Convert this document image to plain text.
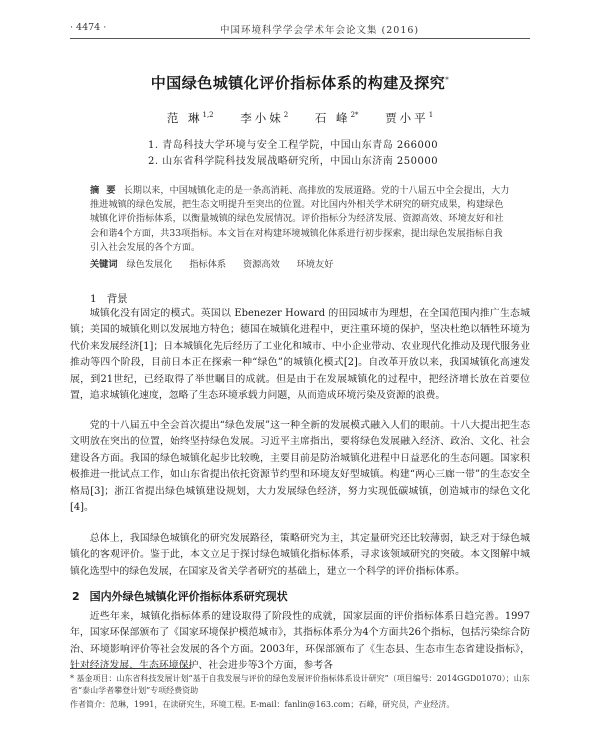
· 4474 ·	中国环境科学学会学术年会论文集 (2016)
中国绿色城镇化评价指标体系的构建及探究*
范 琳$^{1,2}$ 李小妹$^2$ 石 峰$^{2*}$ 贾小平$^1$
1. 青岛科技大学环境与安全工程学院，中国山东青岛 266000
2. 山东省科学院科技发展战略研究所，中国山东济南 250000
摘 要 长期以来，中国城镇化走的是一条高消耗、高排放的发展道路。党的十八届五中全会提出，大力推进城镇的绿色发展，把生态文明提升至突出的位置。对比国内外相关学术研究的研究成果，构建绿色城镇化评价指标体系，以衡量城镇的绿色发展情况。评价指标分为经济发展、资源高效、环境友好和社会和谐4个方面，共33项指标。本文旨在对构建环境城镇化体系进行初步探索，提出绿色发展指标自我引入社会发展的各个方面。
关键词 绿色发展化 指标体系 资源高效 环境友好
1 背景

城镇化没有固定的模式。英国以 Ebenezer Howard 的田园城市为理想，在全国范围内推广生态城镇；美国的城镇化则以发展地方特色；德国在城镇化进程中，更注重环境的保护，坚决杜绝以牺牲环境为代价来发展经济[1]；日本城镇化先后经历了工业化和城市、中小企业带动、农业现代化推动及现代服务业推动等四个阶段，目前日本正在探索一种“绿色”的城镇化模式[2]。自改革开放以来，我国城镇化高速发展，到21世纪，已经取得了举世瞩目的成就。但是由于在发展城镇化的过程中，把经济增长放在首要位置，追求城镇化速度，忽略了生态环境承载力问题，从而造成环境污染及资源的浪费。

党的十八届五中全会首次提出“绿色发展”这一种全新的发展模式融入人们的眼前。十八大提出把生态文明放在突出的位置，始终坚持绿色发展。习近平主席指出，要将绿色发展融入经济、政治、文化、社会建设各方面。我国的绿色城镇化起步比较晚，主要目前是防治城镇化进程中日益恶化的生态问题。国家积极推进一批试点工作，如山东省提出依托资源节约型和环境友好型城镇。构建“两心三廊一带”的生态安全格局[3]；浙江省提出绿色城镇建设规划，大力发展绿色经济，努力实现低碳城镇，创造城市的绿色文化[4]。

总体上，我国绿色城镇化的研究发展路径，策略研究为主，其定量研究还比较薄弱，缺乏对于绿色城镇化的客观评价。鉴于此，本文立足于探讨绿色城镇化指标体系，寻求该领域研究的突破。本文图解中城镇化选型中的绿色发展，在国家及省关学者研究的基础上，建立一个科学的评价指标体系。

2 国内外绿色城镇化评价指标体系研究现状

近些年来，城镇化指标体系的建设取得了阶段性的成就，国家层面的评价指标体系日趋完善。1997年，国家环保部颁布了《国家环境保护模范城市》，其指标体系分为4个方面共26个指标，包括污染综合防治、环境影响评价等社会发展的各个方面。2003年，环保部颁布了《生态县、生态市生态省建设指标》，针对经济发展、生态环境保护、社会进步等3个方面，参考各

* 基金项目：山东省科技发展计划“基于自我发展与评价的绿色发展评价指标体系设计研究”（项目编号：2014GGD01070）；山东省“泰山学者攀登计划”专项经费资助
作者简介：范琳，1991，在读研究生，环境工程。E-mail：fanlin@163.com；石峰，研究员，产业经济。
